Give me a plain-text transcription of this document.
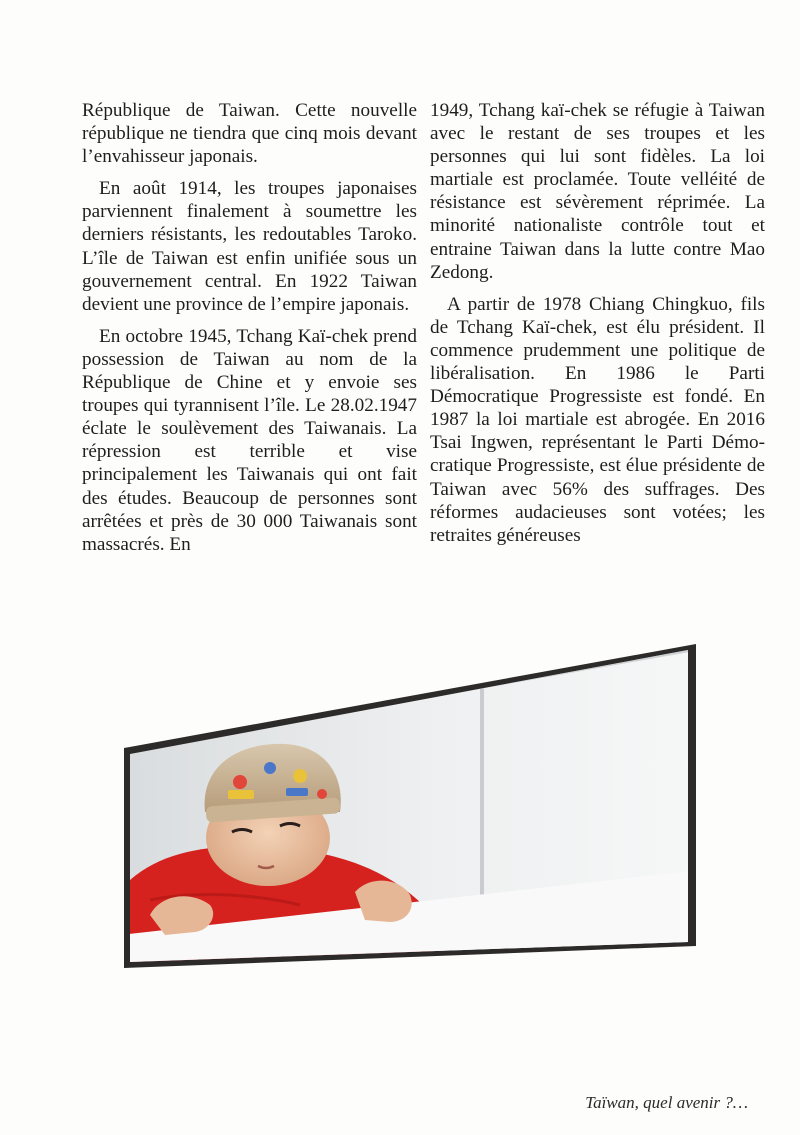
République de Taiwan. Cette nouvelle république ne tiendra que cinq mois devant l’envahisseur japonais.

En août 1914, les troupes japonaises parviennent finalement à soumettre les derniers résistants, les redoutables Taroko. L’île de Taiwan est enfin unifiée sous un gouvernement central. En 1922 Taiwan devient une province de l’empire japonais.

En octobre 1945, Tchang Kaï-chek prend possession de Taiwan au nom de la République de Chine et y envoie ses troupes qui tyrannisent l’île. Le 28.02.1947 éclate le soulèvement des Taiwanais. La répression est terrible et vise principalement les Taiwanais qui ont fait des études. Beaucoup de personnes sont arrêtées et près de 30 000 Taiwanais sont massacrés. En

1949, Tchang kaï-chek se réfugie à Taiwan avec le restant de ses troupes et les personnes qui lui sont fidèles. La loi martiale est proclamée. Toute velléité de résistance est sévèrement réprimée. La minorité nationaliste contrôle tout et entraine Taiwan dans la lutte contre Mao Zedong.

A partir de 1978 Chiang Chingkuo, fils de Tchang Kaï-chek, est élu président. Il commence prudemment une politique de libéralisation. En 1986 le Parti Démocratique Progressiste est fondé. En 1987 la loi martiale est abrogée. En 2016 Tsai Ingwen, représentant le Parti Démocratique Progressiste, est élue présidente de Taiwan avec 56% des suffrages. Des réformes audacieuses sont votées; les retraites généreuses

Taïwan, quel avenir ?…
